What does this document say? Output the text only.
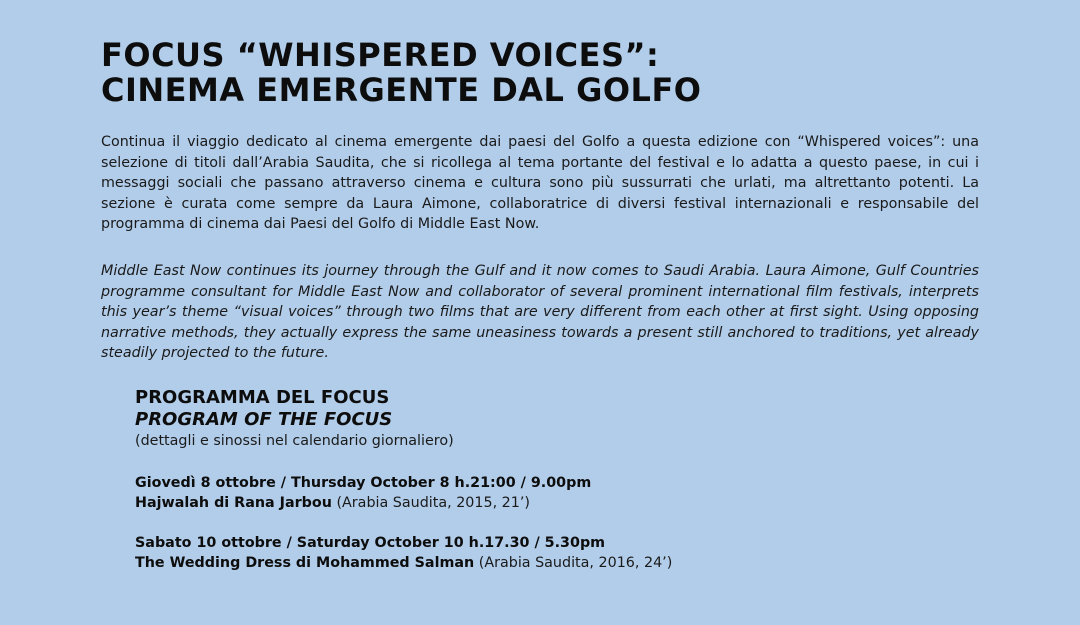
FOCUS “WHISPERED VOICES”:
CINEMA EMERGENTE DAL GOLFO

Continua il viaggio dedicato al cinema emergente dai paesi del Golfo a questa edizione con “Whispered voices”: una selezione di titoli dall’Arabia Saudita, che si ricollega al tema portante del festival e lo adatta a questo paese, in cui i messaggi sociali che passano attraverso cinema e cultura sono più sussurrati che urlati, ma altrettanto potenti. La sezione è curata come sempre da Laura Aimone, collaboratrice di diversi festival internazionali e responsabile del programma di cinema dai Paesi del Golfo di Middle East Now.

Middle East Now continues its journey through the Gulf and it now comes to Saudi Arabia. Laura Aimone, Gulf Countries programme consultant for Middle East Now and collaborator of several prominent international film festivals, interprets this year’s theme “visual voices” through two films that are very different from each other at first sight. Using opposing narrative methods, they actually express the same uneasiness towards a present still anchored to traditions, yet already steadily projected to the future.

PROGRAMMA DEL FOCUS

PROGRAM OF THE FOCUS

(dettagli e sinossi nel calendario giornaliero)

Giovedì 8 ottobre / Thursday October 8 h.21:00 / 9.00pm
Hajwalah di Rana Jarbou (Arabia Saudita, 2015, 21’)
Sabato 10 ottobre / Saturday October 10 h.17.30 / 5.30pm
The Wedding Dress di Mohammed Salman (Arabia Saudita, 2016, 24’)
